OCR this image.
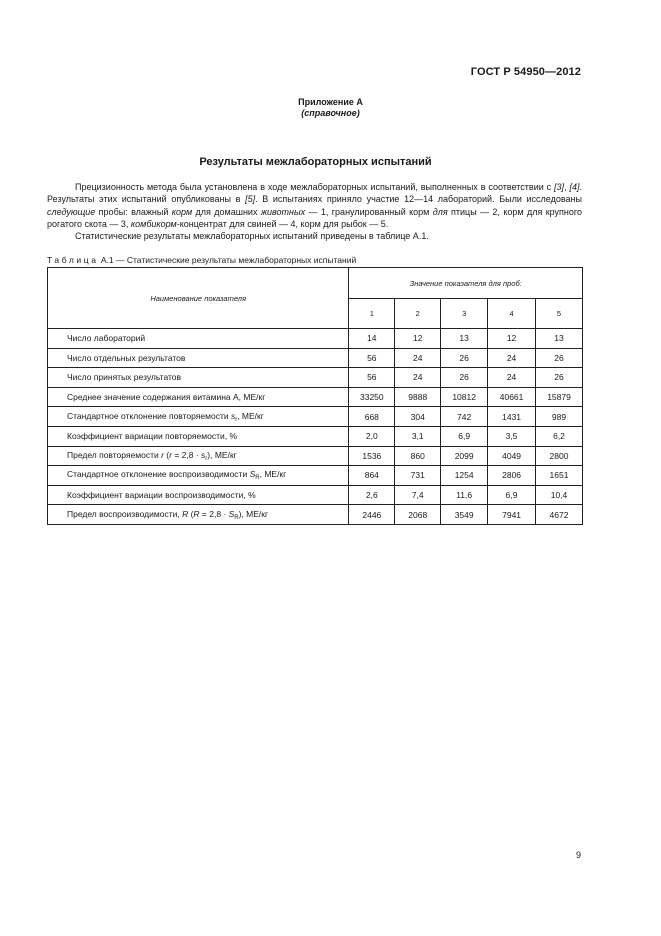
ГОСТ Р 54950—2012
Приложение А
(справочное)
Результаты межлабораторных испытаний

Прецизионность метода была установлена в ходе межлабораторных испытаний, выполненных в соответствии с [3], [4]. Результаты этих испытаний опубликованы в [5]. В испытаниях приняло участие 12—14 лабораторий. Были исследованы следующие пробы: влажный корм для домашних животных — 1, гранулированный корм для птицы — 2, корм для крупного рогатого скота — 3, комбикорм-концентрат для свиней — 4, корм для рыбок — 5.

Статистические результаты межлабораторных испытаний приведены в таблице А.1.

Таблица А.1 — Статистические результаты межлабораторных испытаний
Наименование показателя	Значение показателя для проб:				
	1	2	3	4	5
Число лабораторий	14	12	13	12	13
Число отдельных результатов	56	24	26	24	26
Число принятых результатов	56	24	26	24	26
Среднее значение содержания витамина А, МЕ/кг	33250	9888	10812	40661	15879
Стандартное отклонение повторяемости $s_r$, МЕ/кг	668	304	742	1431	989
Коэффициент вариации повторяемости, %	2,0	3,1	6,9	3,5	6,2
Предел повторяемости r $(r = 2,8 \cdot s_r)$, МЕ/кг	1536	860	2099	4049	2800
Стандартное отклонение воспроизводимости $S_R$, МЕ/кг	864	731	1254	2806	1651
Коэффициент вариации воспроизводимости, %	2,6	7,4	11,6	6,9	10,4
Предел воспроизводимости, R $(R = 2,8 \cdot S_R)$, МЕ/кг	2446	2068	3549	7941	4672
9
